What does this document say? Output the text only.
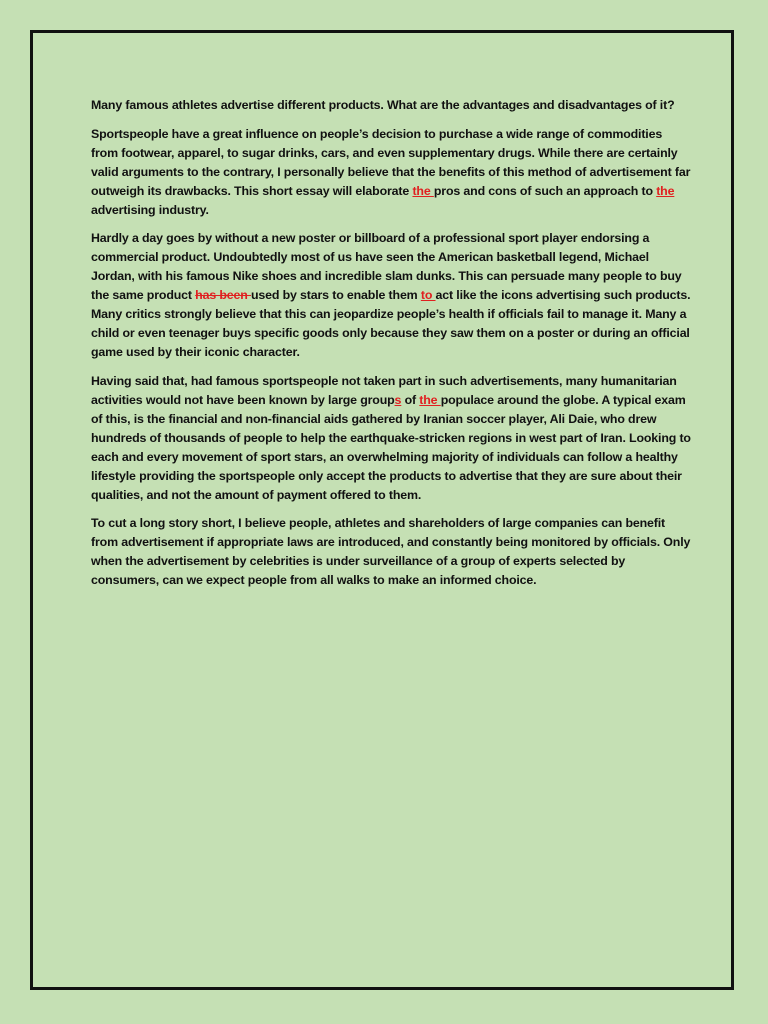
Many famous athletes advertise different products. What are the advantages and disadvantages of it?

Sportspeople have a great influence on people’s decision to purchase a wide range of commodities from footwear, apparel, to sugar drinks, cars, and even supplementary drugs. While there are certainly valid arguments to the contrary, I personally believe that the benefits of this method of advertisement far outweigh its drawbacks. This short essay will elaborate the pros and cons of such an approach to the advertising industry.

Hardly a day goes by without a new poster or billboard of a professional sport player endorsing a commercial product. Undoubtedly most of us have seen the American basketball legend, Michael Jordan, with his famous Nike shoes and incredible slam dunks. This can persuade many people to buy the same product has been used by stars to enable them to act like the icons advertising such products. Many critics strongly believe that this can jeopardize people’s health if officials fail to manage it. Many a child or even teenager buys specific goods only because they saw them on a poster or during an official game used by their iconic character.

Having said that, had famous sportspeople not taken part in such advertisements, many humanitarian activities would not have been known by large groups of the populace around the globe. A typical exam of this, is the financial and non-financial aids gathered by Iranian soccer player, Ali Daie, who drew hundreds of thousands of people to help the earthquake-stricken regions in west part of Iran. Looking to each and every movement of sport stars, an overwhelming majority of individuals can follow a healthy lifestyle providing the sportspeople only accept the products to advertise that they are sure about their qualities, and not the amount of payment offered to them.

To cut a long story short, I believe people, athletes and shareholders of large companies can benefit from advertisement if appropriate laws are introduced, and constantly being monitored by officials. Only when the advertisement by celebrities is under surveillance of a group of experts selected by consumers, can we expect people from all walks to make an informed choice.
